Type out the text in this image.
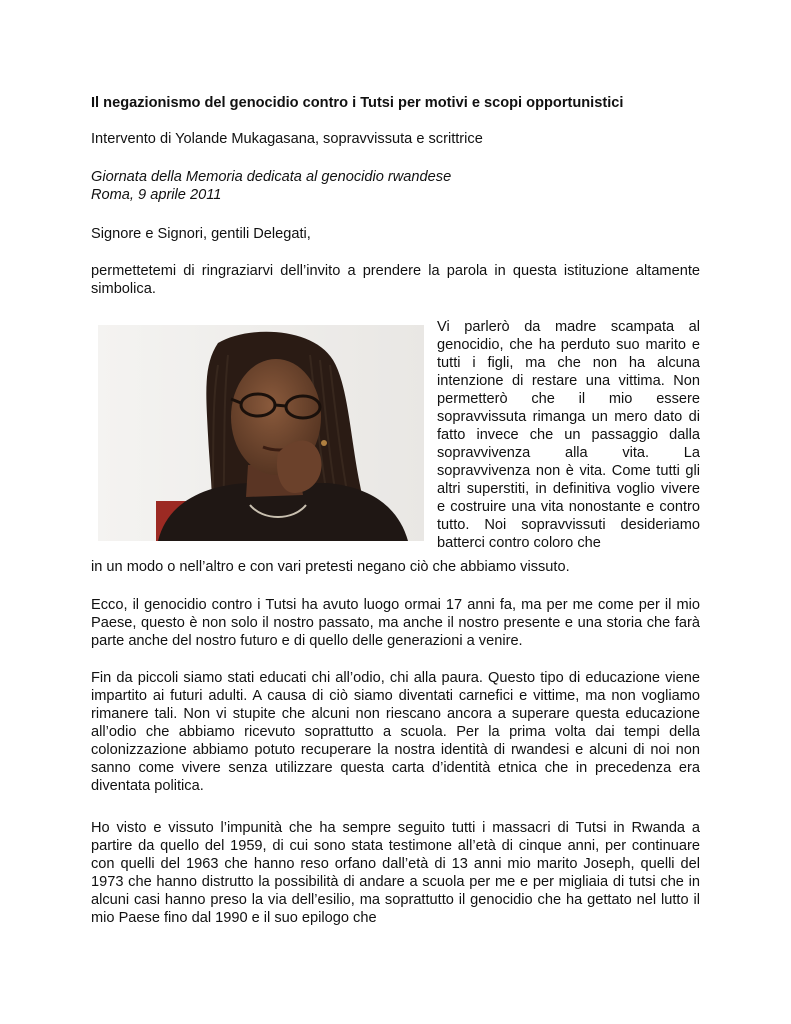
Il negazionismo del genocidio contro i Tutsi per motivi e scopi opportunistici

Intervento di Yolande Mukagasana, sopravvissuta e scrittrice

Giornata della Memoria dedicata al genocidio rwandese

Roma, 9 aprile 2011

Signore e Signori, gentili Delegati,

permettetemi di ringraziarvi dell’invito a prendere la parola in questa istituzione altamente simbolica.

Vi parlerò da madre scampata al genocidio, che ha perduto suo marito e tutti i figli, ma che non ha alcuna intenzione di restare una vittima. Non permetterò che il mio essere sopravvissuta rimanga un mero dato di fatto invece che un passaggio dalla sopravvivenza alla vita. La sopravvivenza non è vita. Come tutti gli altri superstiti, in definitiva voglio vivere e costruire una vita nonostante e contro tutto. Noi sopravvissuti desideriamo batterci contro coloro che

in un modo o nell’altro e con vari pretesti negano ciò che abbiamo vissuto.

Ecco, il genocidio contro i Tutsi ha avuto luogo ormai 17 anni fa, ma per me come per il mio Paese, questo è non solo il nostro passato, ma anche il nostro presente e una storia che farà parte anche del nostro futuro e di quello delle generazioni a venire.

Fin da piccoli siamo stati educati chi all’odio, chi alla paura. Questo tipo di educazione viene impartito ai futuri adulti. A causa di ciò siamo diventati carnefici e vittime, ma non vogliamo rimanere tali. Non vi stupite che alcuni non riescano ancora a superare questa educazione all’odio che abbiamo ricevuto soprattutto a scuola. Per la prima volta dai tempi della colonizzazione abbiamo potuto recuperare la nostra identità di rwandesi e alcuni di noi non sanno come vivere senza utilizzare questa carta d’identità etnica che in precedenza era diventata politica.

Ho visto e vissuto l’impunità che ha sempre seguito tutti i massacri di Tutsi in Rwanda a partire da quello del 1959, di cui sono stata testimone all’età di cinque anni, per continuare con quelli del 1963 che hanno reso orfano dall’età di 13 anni mio marito Joseph, quelli del 1973 che hanno distrutto la possibilità di andare a scuola per me e per migliaia di tutsi che in alcuni casi hanno preso la via dell’esilio, ma soprattutto il genocidio che ha gettato nel lutto il mio Paese fino dal 1990 e il suo epilogo che
